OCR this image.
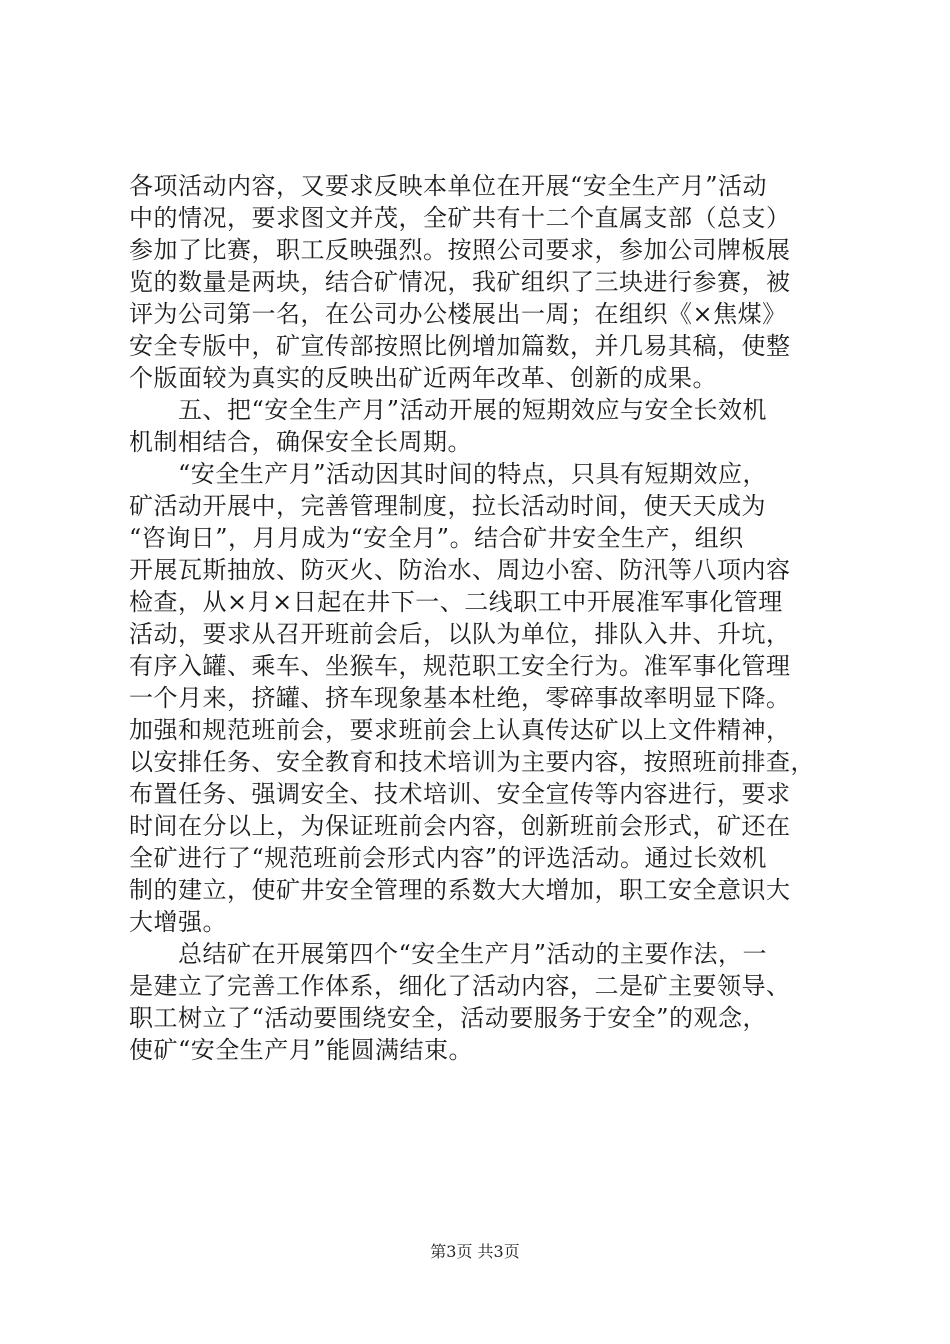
各项活动内容，又要求反映本单位在开展“安全生产月”活动
中的情况，要求图文并茂，全矿共有十二个直属支部（总支）
参加了比赛，职工反映强烈。按照公司要求，参加公司牌板展
览的数量是两块，结合矿情况，我矿组织了三块进行参赛，被
评为公司第一名，在公司办公楼展出一周；在组织《×焦煤》
安全专版中，矿宣传部按照比例增加篇数，并几易其稿，使整
个版面较为真实的反映出矿近两年改革、创新的成果。
　　五、把“安全生产月”活动开展的短期效应与安全长效机
机制相结合，确保安全长周期。
　　“安全生产月”活动因其时间的特点，只具有短期效应，
矿活动开展中，完善管理制度，拉长活动时间，使天天成为
“咨询日”，月月成为“安全月”。结合矿井安全生产，组织
开展瓦斯抽放、防灭火、防治水、周边小窑、防汛等八项内容
检查，从×月×日起在井下一、二线职工中开展准军事化管理
活动，要求从召开班前会后，以队为单位，排队入井、升坑，
有序入罐、乘车、坐猴车，规范职工安全行为。准军事化管理
一个月来，挤罐、挤车现象基本杜绝，零碎事故率明显下降。
加强和规范班前会，要求班前会上认真传达矿以上文件精神，
以安排任务、安全教育和技术培训为主要内容，按照班前排查，
布置任务、强调安全、技术培训、安全宣传等内容进行，要求
时间在分以上，为保证班前会内容，创新班前会形式，矿还在
全矿进行了“规范班前会形式内容”的评选活动。通过长效机
制的建立，使矿井安全管理的系数大大增加，职工安全意识大
大增强。
　　总结矿在开展第四个“安全生产月”活动的主要作法，一
是建立了完善工作体系，细化了活动内容，二是矿主要领导、
职工树立了“活动要围绕安全，活动要服务于安全”的观念，
使矿“安全生产月”能圆满结束。
第3页 共3页
